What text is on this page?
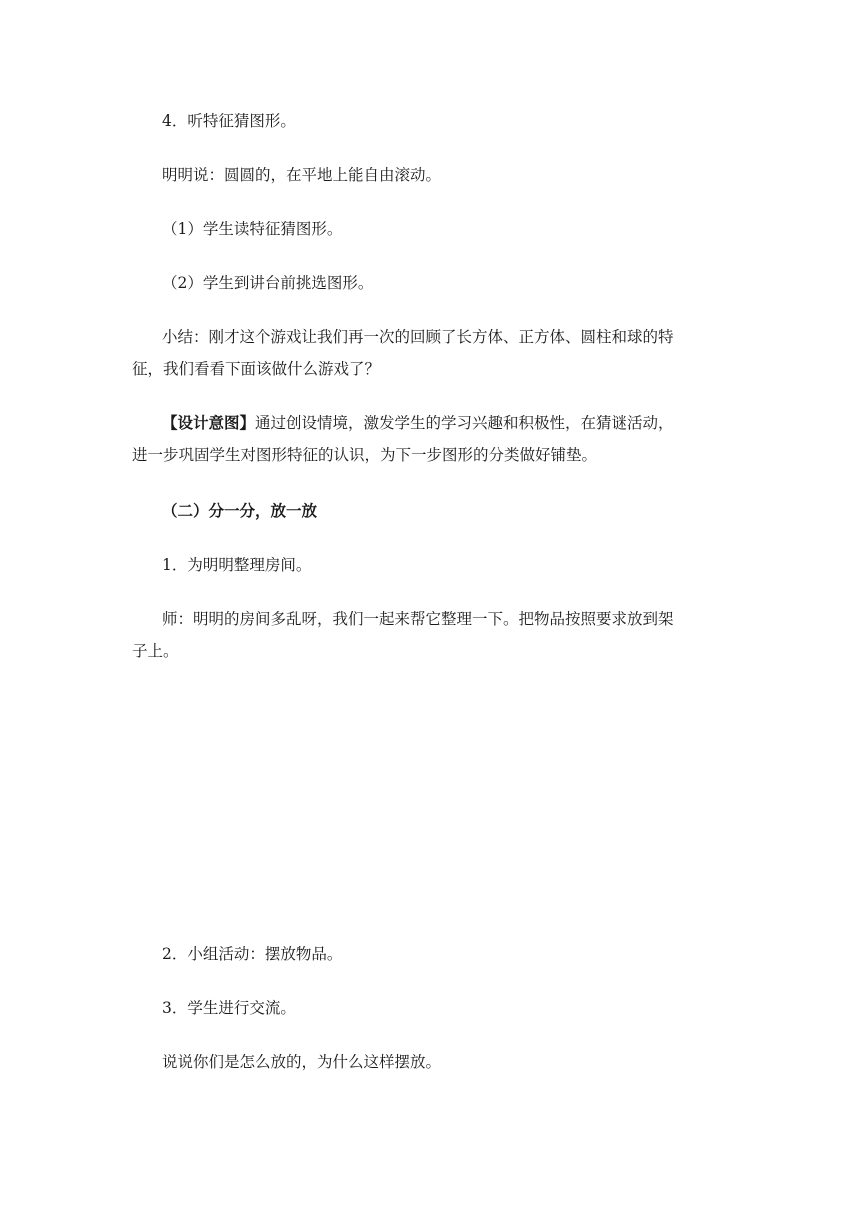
4．听特征猜图形。
明明说：圆圆的，在平地上能自由滚动。
（1）学生读特征猜图形。
（2）学生到讲台前挑选图形。
小结：刚才这个游戏让我们再一次的回顾了长方体、正方体、圆柱和球的特
征，我们看看下面该做什么游戏了？
【设计意图】通过创设情境，激发学生的学习兴趣和积极性，在猜谜活动，
进一步巩固学生对图形特征的认识，为下一步图形的分类做好铺垫。
（二）分一分，放一放
1．为明明整理房间。
师：明明的房间多乱呀，我们一起来帮它整理一下。把物品按照要求放到架
子上。
2．小组活动：摆放物品。
3．学生进行交流。
说说你们是怎么放的，为什么这样摆放。
